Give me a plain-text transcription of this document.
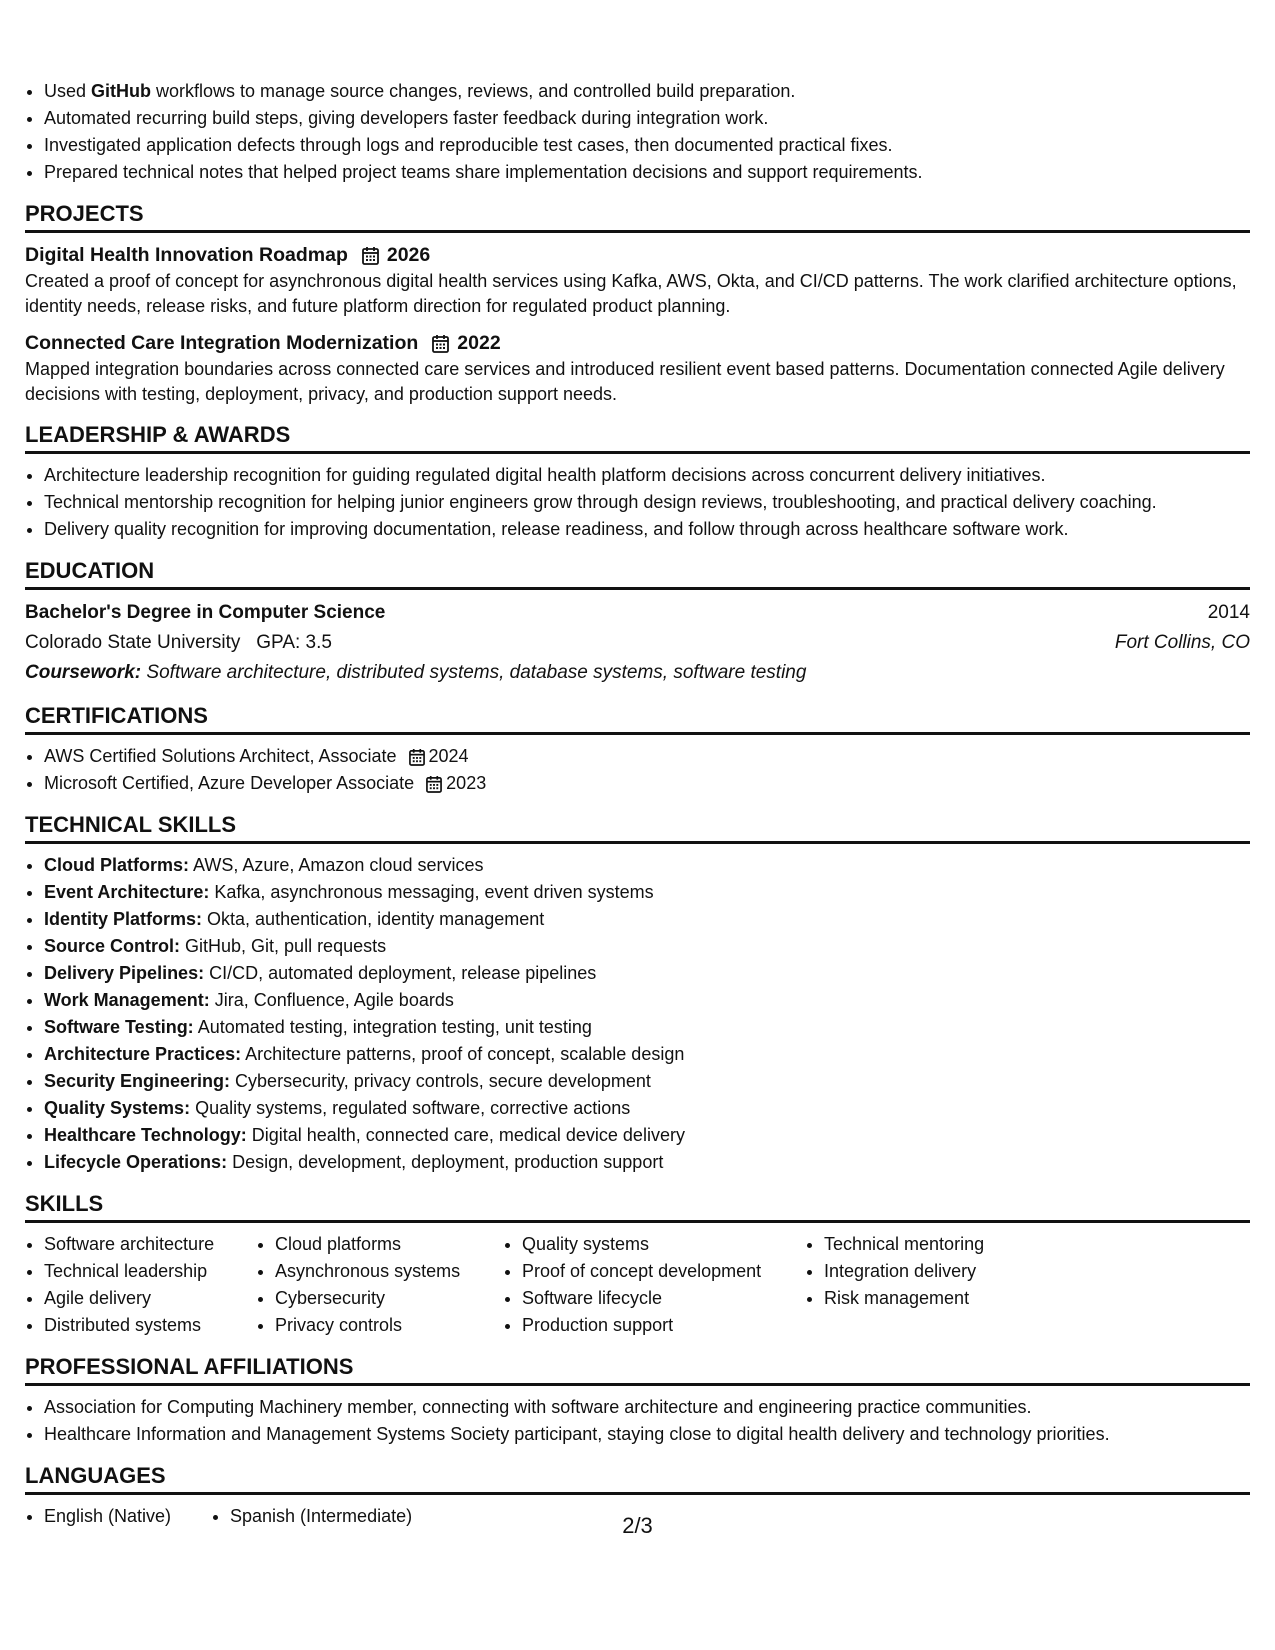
• Used GitHub workflows to manage source changes, reviews, and controlled build preparation.
• Automated recurring build steps, giving developers faster feedback during integration work.
• Investigated application defects through logs and reproducible test cases, then documented practical fixes.
• Prepared technical notes that helped project teams share implementation decisions and support requirements.
PROJECTS
Digital Health Innovation Roadmap 2026
Created a proof of concept for asynchronous digital health services using Kafka, AWS, Okta, and CI/CD patterns. The work clarified architecture options, identity needs, release risks, and future platform direction for regulated product planning.
Connected Care Integration Modernization 2022
Mapped integration boundaries across connected care services and introduced resilient event based patterns. Documentation connected Agile delivery decisions with testing, deployment, privacy, and production support needs.
LEADERSHIP & AWARDS
• Architecture leadership recognition for guiding regulated digital health platform decisions across concurrent delivery initiatives.
• Technical mentorship recognition for helping junior engineers grow through design reviews, troubleshooting, and practical delivery coaching.
• Delivery quality recognition for improving documentation, release readiness, and follow through across healthcare software work.
EDUCATION
Bachelor's Degree in Computer Science	2014
Colorado State University GPA: 3.5	Fort Collins, CO
Coursework: Software architecture, distributed systems, database systems, software testing
CERTIFICATIONS
• AWS Certified Solutions Architect, Associate 2024
• Microsoft Certified, Azure Developer Associate 2023
TECHNICAL SKILLS
• Cloud Platforms: AWS, Azure, Amazon cloud services
• Event Architecture: Kafka, asynchronous messaging, event driven systems
• Identity Platforms: Okta, authentication, identity management
• Source Control: GitHub, Git, pull requests
• Delivery Pipelines: CI/CD, automated deployment, release pipelines
• Work Management: Jira, Confluence, Agile boards
• Software Testing: Automated testing, integration testing, unit testing
• Architecture Practices: Architecture patterns, proof of concept, scalable design
• Security Engineering: Cybersecurity, privacy controls, secure development
• Quality Systems: Quality systems, regulated software, corrective actions
• Healthcare Technology: Digital health, connected care, medical device delivery
• Lifecycle Operations: Design, development, deployment, production support
SKILLS
• Software architecture
• Technical leadership
• Agile delivery
• Distributed systems
• Cloud platforms
• Asynchronous systems
• Cybersecurity
• Privacy controls
• Quality systems
• Proof of concept development
• Software lifecycle
• Production support
• Technical mentoring
• Integration delivery
• Risk management
PROFESSIONAL AFFILIATIONS
• Association for Computing Machinery member, connecting with software architecture and engineering practice communities.
• Healthcare Information and Management Systems Society participant, staying close to digital health delivery and technology priorities.
LANGUAGES
• English (Native)
•	Spanish (Intermediate)	2/3
